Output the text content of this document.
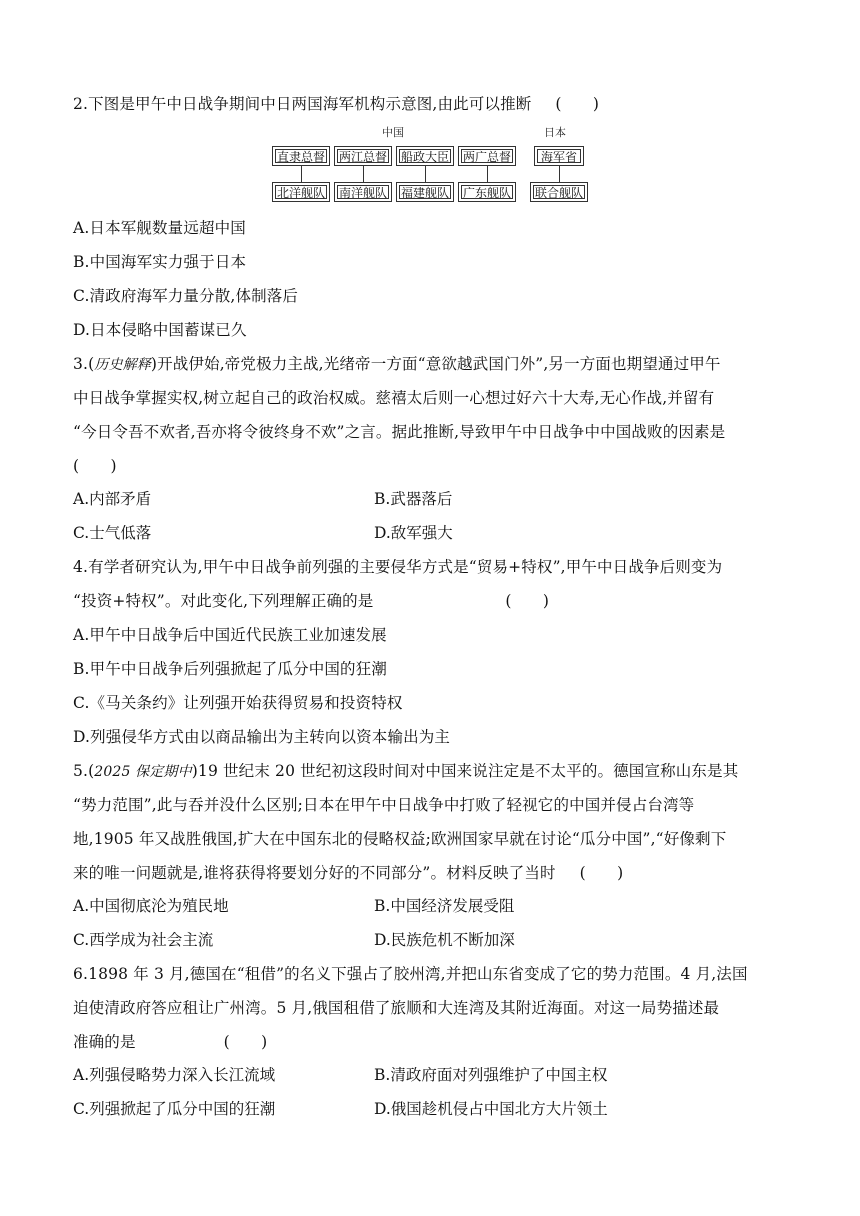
2.下图是甲午中日战争期间中日两国海军机构示意图,由此可以推断 (　　)
中国	日本
直隶总督	两江总督	船政大臣	两广总督	海军省
北洋舰队	南洋舰队	福建舰队	广东舰队	联合舰队
A.日本军舰数量远超中国
B.中国海军实力强于日本
C.清政府海军力量分散,体制落后
D.日本侵略中国蓄谋已久
3.(历史解释)开战伊始,帝党极力主战,光绪帝一方面“意欲越武国门外”,另一方面也期望通过甲午
中日战争掌握实权,树立起自己的政治权威。慈禧太后则一心想过好六十大寿,无心作战,并留有
“今日令吾不欢者,吾亦将令彼终身不欢”之言。据此推断,导致甲午中日战争中中国战败的因素是
(　　)
A.内部矛盾	B.武器落后
C.士气低落	D.敌军强大
4.有学者研究认为,甲午中日战争前列强的主要侵华方式是“贸易+特权”,甲午中日战争后则变为
“投资+特权”。对此变化,下列理解正确的是	(　　)
A.甲午中日战争后中国近代民族工业加速发展
B.甲午中日战争后列强掀起了瓜分中国的狂潮
C.《马关条约》让列强开始获得贸易和投资特权
D.列强侵华方式由以商品输出为主转向以资本输出为主
5.(2025 保定期中)19 世纪末 20 世纪初这段时间对中国来说注定是不太平的。德国宣称山东是其
“势力范围”,此与吞并没什么区别;日本在甲午中日战争中打败了轻视它的中国并侵占台湾等
地,1905 年又战胜俄国,扩大在中国东北的侵略权益;欧洲国家早就在讨论“瓜分中国”,“好像剩下
来的唯一问题就是,谁将获得将要划分好的不同部分”。材料反映了当时 (　　)
A.中国彻底沦为殖民地	B.中国经济发展受阻
C.西学成为社会主流	D.民族危机不断加深
6.1898 年 3 月,德国在“租借”的名义下强占了胶州湾,并把山东省变成了它的势力范围。4 月,法国
迫使清政府答应租让广州湾。5 月,俄国租借了旅顺和大连湾及其附近海面。对这一局势描述最
准确的是	(　　)
A.列强侵略势力深入长江流域	B.清政府面对列强维护了中国主权
C.列强掀起了瓜分中国的狂潮	D.俄国趁机侵占中国北方大片领土
